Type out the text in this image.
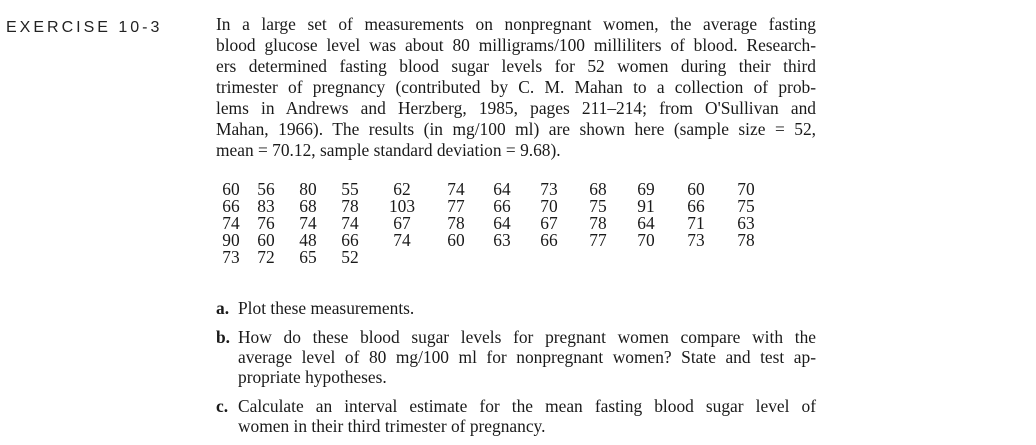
EXERCISE 10-3	In a large set of measurements on nonpregnant women, the average fasting
blood glucose level was about 80 milligrams/100 milliliters of blood. Research-
ers determined fasting blood sugar levels for 52 women during their third
trimester of pregnancy (contributed by C. M. Mahan to a collection of prob-
lems in Andrews and Herzberg, 1985, pages 211–214; from O'Sullivan and
Mahan, 1966). The results (in mg/100 ml) are shown here (sample size = 52,
mean = 70.12, sample standard deviation = 9.68).
60	56	80	55	62	74	64	73	68	69	60	70
66	83	68	78	103	77	66	70	75	91	66	75
74	76	74	74	67	78	64	67	78	64	71	63
90	60	48	66	74	60	63	66	77	70	73	78
73	72	65	52								
a. Plot these measurements.
b. How do these blood sugar levels for pregnant women compare with the
average level of 80 mg/100 ml for nonpregnant women? State and test ap-
propriate hypotheses.
c. Calculate an interval estimate for the mean fasting blood sugar level of
women in their third trimester of pregnancy.
